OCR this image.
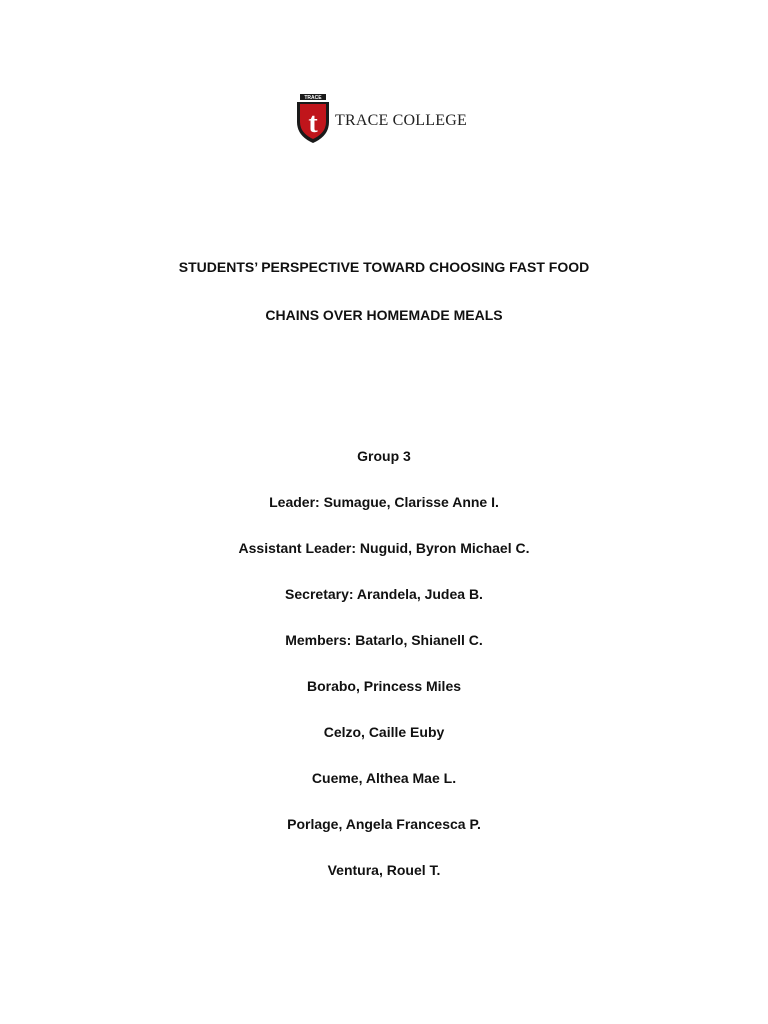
TRACE
t TRACE COLLEGE
STUDENTS’ PERSPECTIVE TOWARD CHOOSING FAST FOOD
CHAINS OVER HOMEMADE MEALS
Group 3
Leader: Sumague, Clarisse Anne I.
Assistant Leader: Nuguid, Byron Michael C.
Secretary: Arandela, Judea B.
Members: Batarlo, Shianell C.
Borabo, Princess Miles
Celzo, Caille Euby
Cueme, Althea Mae L.
Porlage, Angela Francesca P.
Ventura, Rouel T.
